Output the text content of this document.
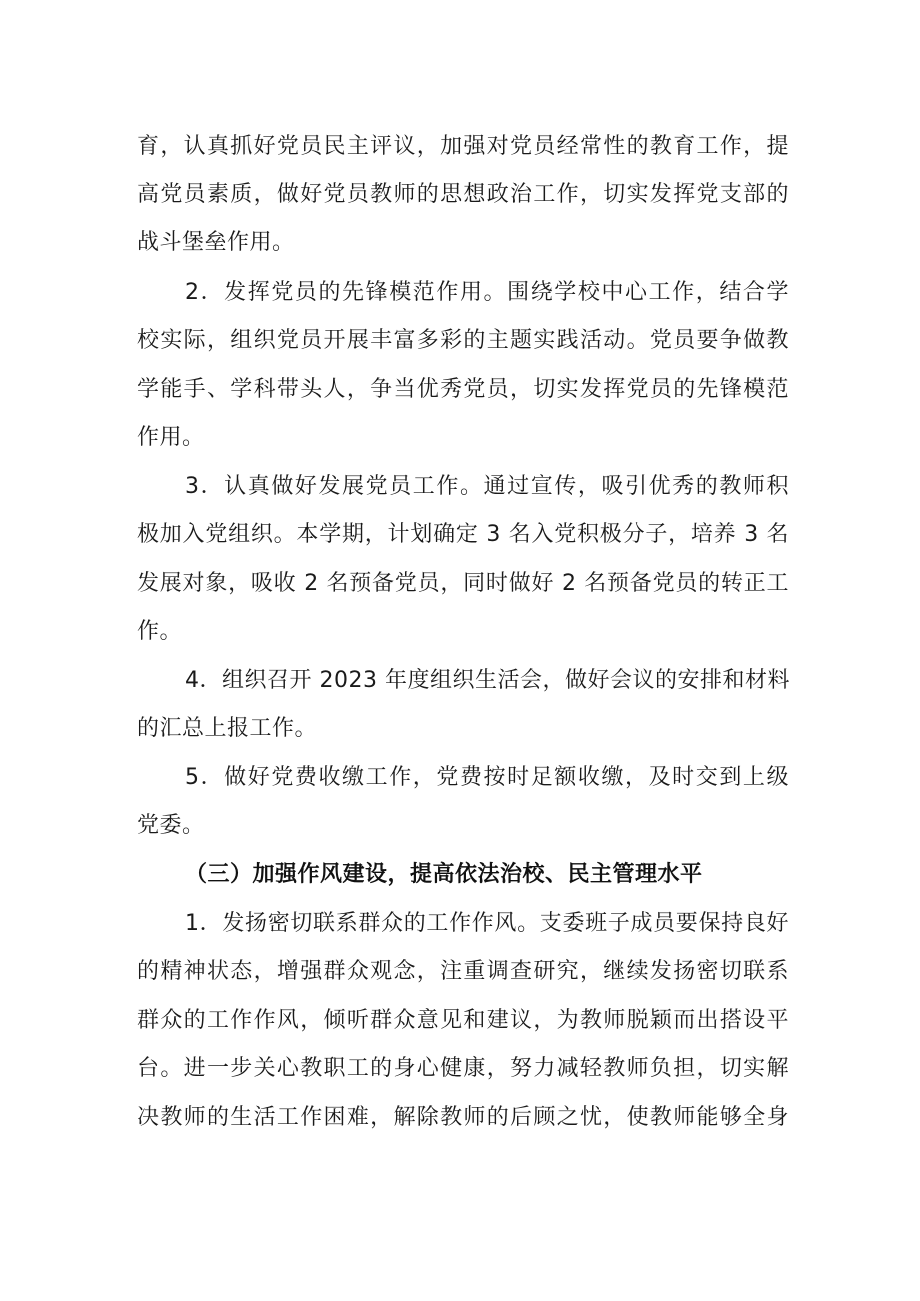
育，认真抓好党员民主评议，加强对党员经常性的教育工作，提
高党员素质，做好党员教师的思想政治工作，切实发挥党支部的
战斗堡垒作用。
2．发挥党员的先锋模范作用。围绕学校中心工作，结合学
校实际，组织党员开展丰富多彩的主题实践活动。党员要争做教
学能手、学科带头人，争当优秀党员，切实发挥党员的先锋模范
作用。
3．认真做好发展党员工作。通过宣传，吸引优秀的教师积
极加入党组织。本学期，计划确定 3 名入党积极分子，培养 3 名
发展对象，吸收 2 名预备党员，同时做好 2 名预备党员的转正工
作。
4．组织召开 2023 年度组织生活会，做好会议的安排和材料
的汇总上报工作。
5．做好党费收缴工作，党费按时足额收缴，及时交到上级
党委。
（三）加强作风建设，提高依法治校、民主管理水平
1．发扬密切联系群众的工作作风。支委班子成员要保持良好
的精神状态，增强群众观念，注重调查研究，继续发扬密切联系
群众的工作作风，倾听群众意见和建议，为教师脱颖而出搭设平
台。进一步关心教职工的身心健康，努力减轻教师负担，切实解
决教师的生活工作困难，解除教师的后顾之忧，使教师能够全身
